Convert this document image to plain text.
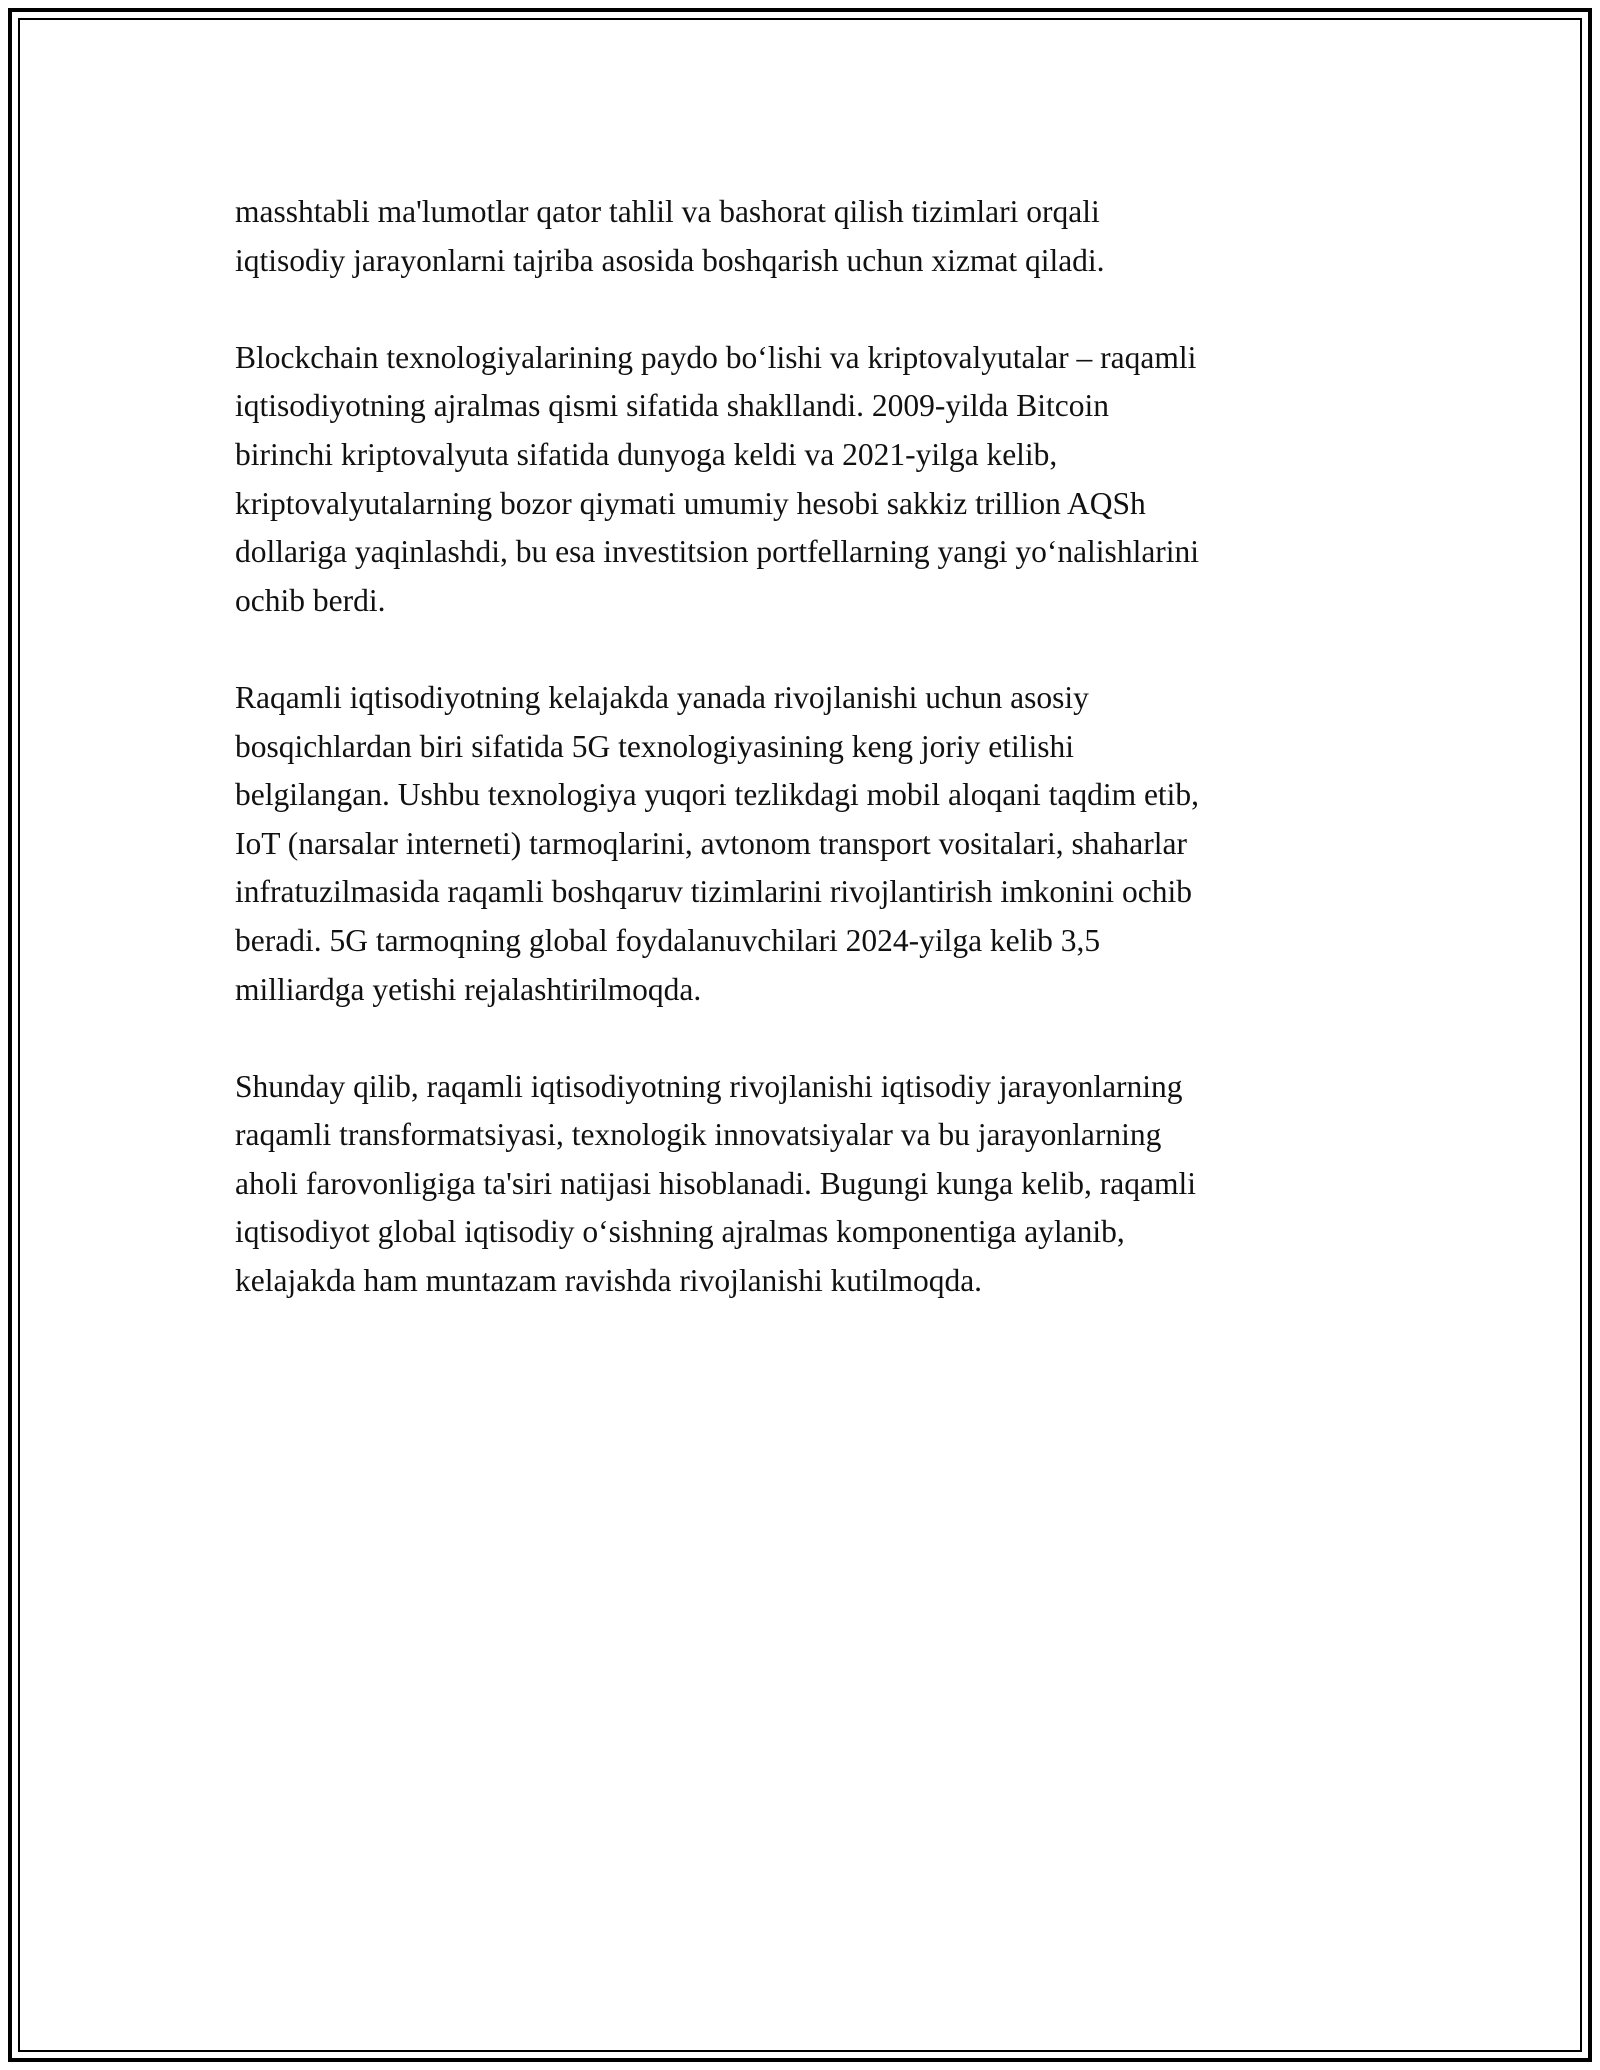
masshtabli ma'lumotlar qator tahlil va bashorat qilish tizimlari orqali
iqtisodiy jarayonlarni tajriba asosida boshqarish uchun xizmat qiladi.

Blockchain texnologiyalarining paydo bo‘lishi va kriptovalyutalar – raqamli
iqtisodiyotning ajralmas qismi sifatida shakllandi. 2009-yilda Bitcoin
birinchi kriptovalyuta sifatida dunyoga keldi va 2021-yilga kelib,
kriptovalyutalarning bozor qiymati umumiy hesobi sakkiz trillion AQSh
dollariga yaqinlashdi, bu esa investitsion portfellarning yangi yo‘nalishlarini
ochib berdi.

Raqamli iqtisodiyotning kelajakda yanada rivojlanishi uchun asosiy
bosqichlardan biri sifatida 5G texnologiyasining keng joriy etilishi
belgilangan. Ushbu texnologiya yuqori tezlikdagi mobil aloqani taqdim etib,
IoT (narsalar interneti) tarmoqlarini, avtonom transport vositalari, shaharlar
infratuzilmasida raqamli boshqaruv tizimlarini rivojlantirish imkonini ochib
beradi. 5G tarmoqning global foydalanuvchilari 2024-yilga kelib 3,5
milliardga yetishi rejalashtirilmoqda.

Shunday qilib, raqamli iqtisodiyotning rivojlanishi iqtisodiy jarayonlarning
raqamli transformatsiyasi, texnologik innovatsiyalar va bu jarayonlarning
aholi farovonligiga ta'siri natijasi hisoblanadi. Bugungi kunga kelib, raqamli
iqtisodiyot global iqtisodiy o‘sishning ajralmas komponentiga aylanib,
kelajakda ham muntazam ravishda rivojlanishi kutilmoqda.
